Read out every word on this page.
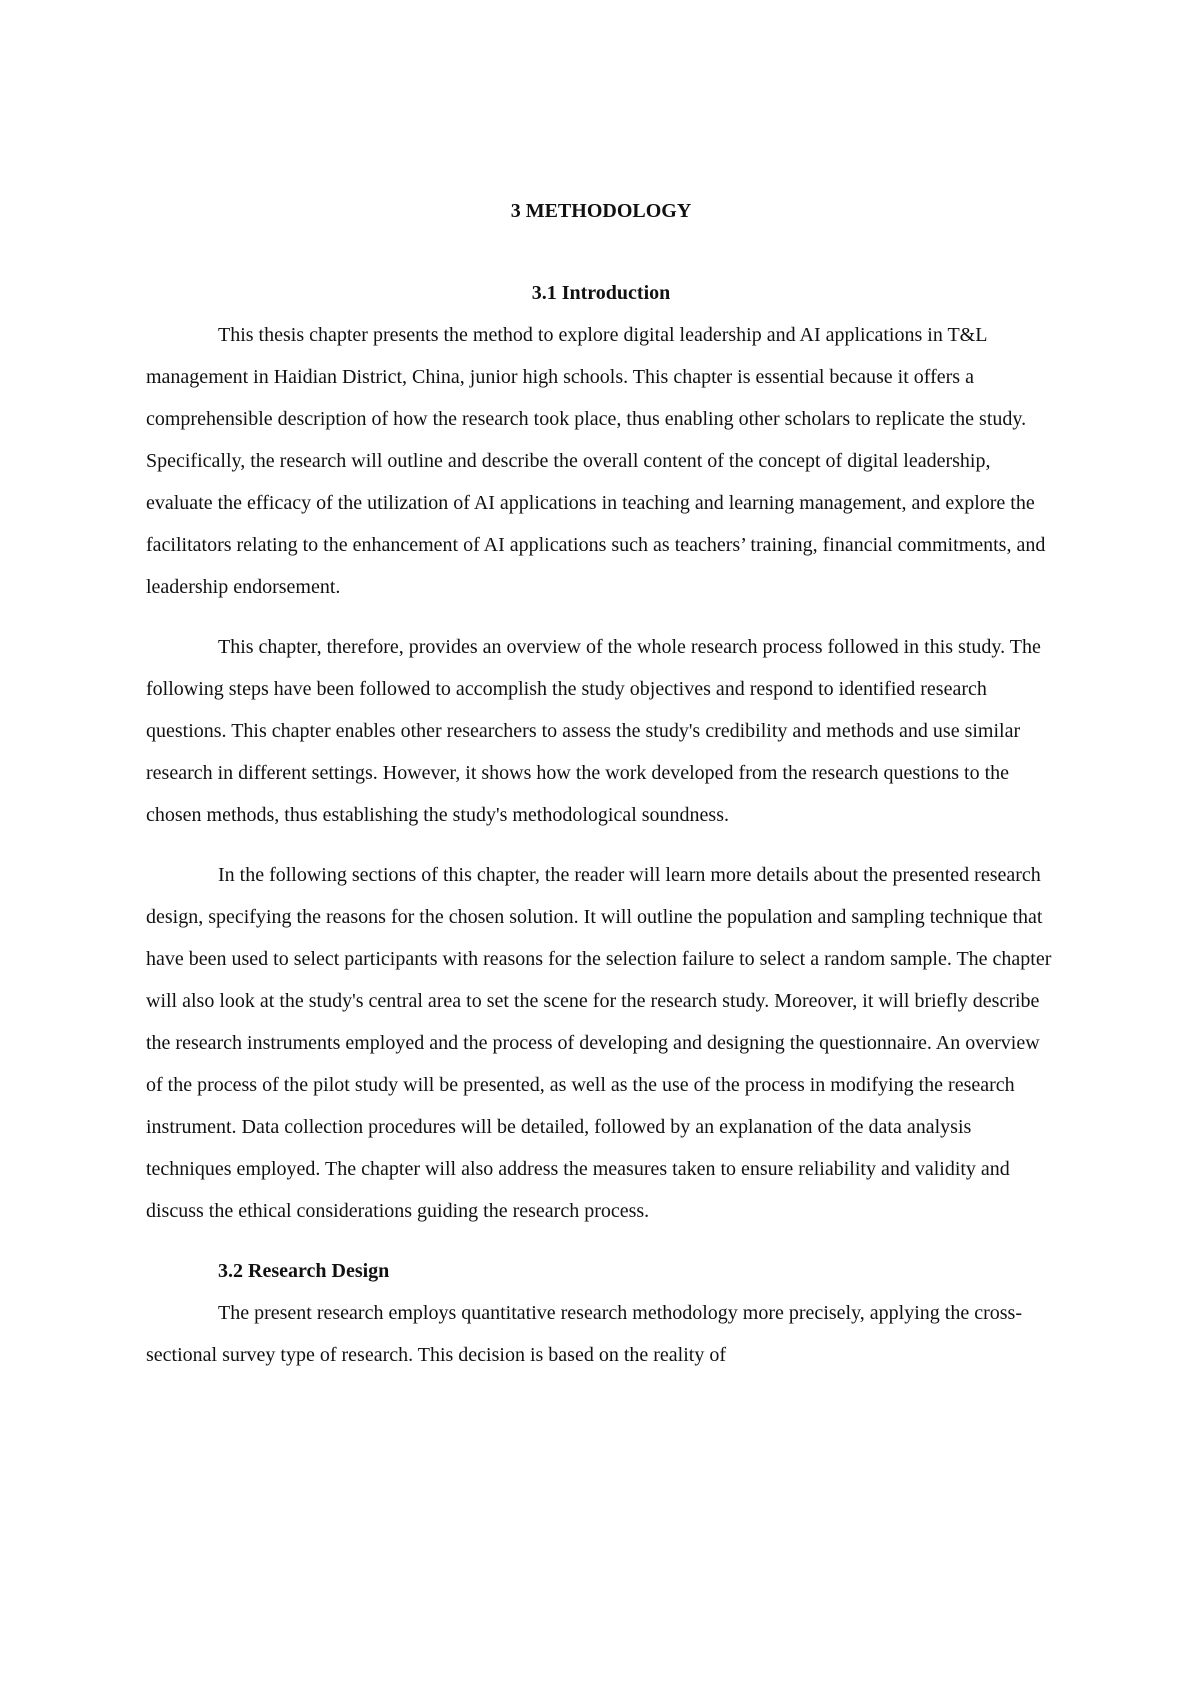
3 METHODOLOGY
3.1 Introduction

This thesis chapter presents the method to explore digital leadership and AI applications in T&L management in Haidian District, China, junior high schools. This chapter is essential because it offers a comprehensible description of how the research took place, thus enabling other scholars to replicate the study. Specifically, the research will outline and describe the overall content of the concept of digital leadership, evaluate the efficacy of the utilization of AI applications in teaching and learning management, and explore the facilitators relating to the enhancement of AI applications such as teachers’ training, financial commitments, and leadership endorsement.

This chapter, therefore, provides an overview of the whole research process followed in this study. The following steps have been followed to accomplish the study objectives and respond to identified research questions. This chapter enables other researchers to assess the study's credibility and methods and use similar research in different settings. However, it shows how the work developed from the research questions to the chosen methods, thus establishing the study's methodological soundness.

In the following sections of this chapter, the reader will learn more details about the presented research design, specifying the reasons for the chosen solution. It will outline the population and sampling technique that have been used to select participants with reasons for the selection failure to select a random sample. The chapter will also look at the study's central area to set the scene for the research study. Moreover, it will briefly describe the research instruments employed and the process of developing and designing the questionnaire. An overview of the process of the pilot study will be presented, as well as the use of the process in modifying the research instrument. Data collection procedures will be detailed, followed by an explanation of the data analysis techniques employed. The chapter will also address the measures taken to ensure reliability and validity and discuss the ethical considerations guiding the research process.

3.2 Research Design

The present research employs quantitative research methodology more precisely, applying the cross-sectional survey type of research. This decision is based on the reality of
